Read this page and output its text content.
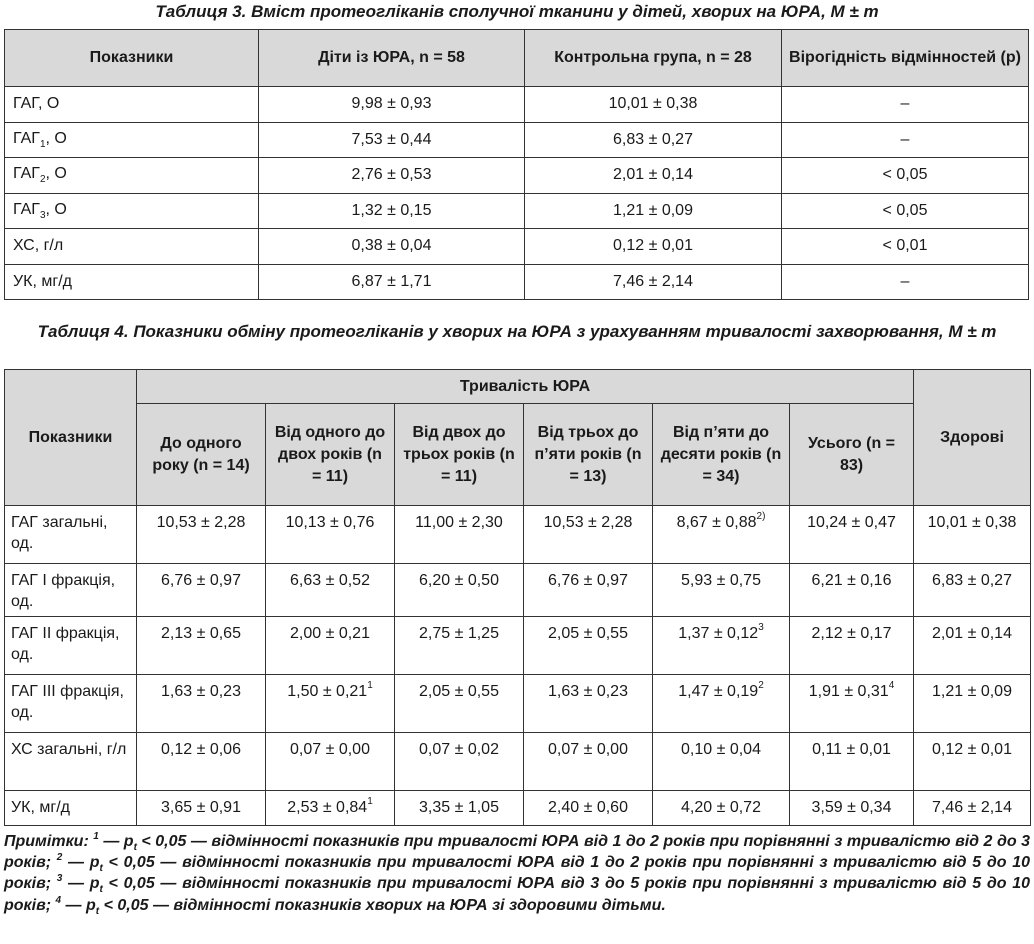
Таблиця 3. Вміст протеогліканів сполучної тканини у дітей, хворих на ЮРА, M ± m
Показники	Діти із ЮРА, n = 58	Контрольна група, n = 28	Вірогідність відмінностей (p)
ГАГ, О	9,98 ± 0,93	10,01 ± 0,38	–
$ГАГ_1$, О	7,53 ± 0,44	6,83 ± 0,27	–
$ГАГ_2$, О	2,76 ± 0,53	2,01 ± 0,14	< 0,05
$ГАГ_3$, О	1,32 ± 0,15	1,21 ± 0,09	< 0,05
ХС, г/л	0,38 ± 0,04	0,12 ± 0,01	< 0,01
УК, мг/д	6,87 ± 1,71	7,46 ± 2,14	–
Таблиця 4. Показники обміну протеогліканів у хворих на ЮРА з урахуванням тривалості захворювання, M ± m
Показники	Тривалість ЮРА						Здорові
	До одного року (n = 14)	Від одного до двох років (n = 11)	Від двох до трьох років (n = 11)	Від трьох до п’яти років (n = 13)	Від п’яти до десяти років (n = 34)	Усього (n = 83)	
ГАГ загальні, од.	10,53 ± 2,28	10,13 ± 0,76	11,00 ± 2,30	10,53 ± 2,28	$8,67 \pm 0,88^{2)}$	10,24 ± 0,47	10,01 ± 0,38
ГАГ I фракція, од.	6,76 ± 0,97	6,63 ± 0,52	6,20 ± 0,50	6,76 ± 0,97	5,93 ± 0,75	6,21 ± 0,16	6,83 ± 0,27
ГАГ II фракція, од.	2,13 ± 0,65	2,00 ± 0,21	2,75 ± 1,25	2,05 ± 0,55	$1,37 \pm 0,12^3$	2,12 ± 0,17	2,01 ± 0,14
ГАГ III фракція, од.	1,63 ± 0,23	$1,50 \pm 0,21^1$	2,05 ± 0,55	1,63 ± 0,23	$1,47 \pm 0,19^2$	$1,91 \pm 0,31^4$	1,21 ± 0,09
ХС загальні, г/л	0,12 ± 0,06	0,07 ± 0,00	0,07 ± 0,02	0,07 ± 0,00	0,10 ± 0,04	0,11 ± 0,01	0,12 ± 0,01
УК, мг/д	3,65 ± 0,91	$2,53 \pm 0,84^1$	3,35 ± 1,05	2,40 ± 0,60	4,20 ± 0,72	3,59 ± 0,34	7,46 ± 2,14
Примітки: $^1$ — $p_t < 0,05$ — відмінності показників при тривалості ЮРА від 1 до 2 років при порівнянні з тривалістю від 2 до 3 років; $^2$ — $p_t < 0,05$ — відмінності показників при тривалості ЮРА від 1 до 2 років при порівнянні з тривалістю від 5 до 10 років; $^3$ — $p_t < 0,05$ — відмінності показників при тривалості ЮРА від 3 до 5 років при порівнянні з тривалістю від 5 до 10 років; $^4$ — $p_t < 0,05$ — відмінності показників хворих на ЮРА зі здоровими дітьми.
